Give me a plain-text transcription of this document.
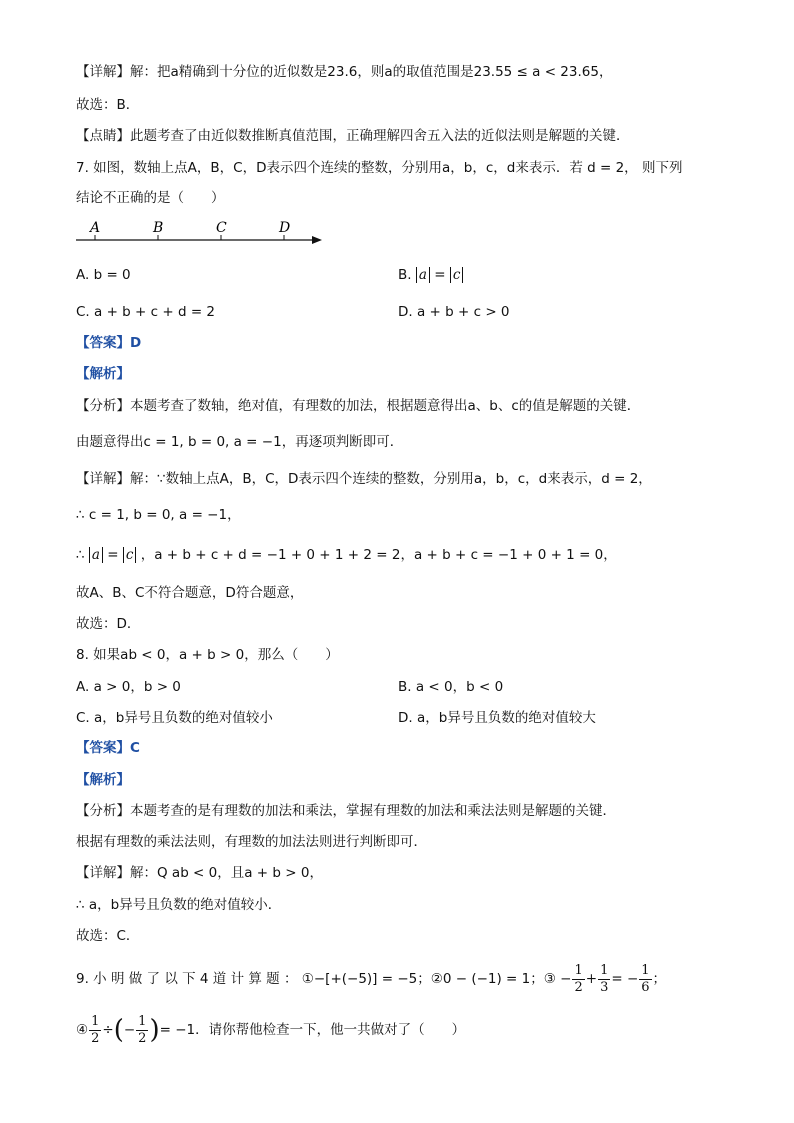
【详解】解：把a精确到十分位的近似数是23.6，则a的取值范围是23.55 ≤ a < 23.65，
故选：B．
【点睛】此题考查了由近似数推断真值范围，正确理解四舍五入法的近似法则是解题的关键．
7. 如图，数轴上点A，B，C，D表示四个连续的整数，分别用a，b，c，d来表示．若 d = 2， 则下列
结论不正确的是（　　）
A	B	C	D
A. b = 0	B. a = c
C. a + b + c + d = 2	D. a + b + c > 0
【答案】D
【解析】
【分析】本题考查了数轴，绝对值，有理数的加法，根据题意得出a、b、c的值是解题的关键．
由题意得出c = 1, b = 0, a = −1，再逐项判断即可．
【详解】解：∵数轴上点A，B，C，D表示四个连续的整数，分别用a，b，c，d来表示，d = 2，
∴ c = 1, b = 0, a = −1，
∴ a = c ，a + b + c + d = −1 + 0 + 1 + 2 = 2，a + b + c = −1 + 0 + 1 = 0，
故A、B、C不符合题意，D符合题意，
故选：D．
8. 如果ab < 0，a + b > 0，那么（　　）
A. a > 0，b > 0	B. a < 0，b < 0
C. a，b异号且负数的绝对值较小	D. a，b异号且负数的绝对值较大
【答案】C
【解析】
【分析】本题考查的是有理数的加法和乘法，掌握有理数的加法和乘法法则是解题的关键．
根据有理数的乘法法则，有理数的加法法则进行判断即可．
【详解】解：Q ab < 0，且a + b > 0，
∴ a，b异号且负数的绝对值较小．
故选：C．
9. 小 明 做 了 以 下 4 道 计 算 题 ： ①−[+(−5)] = −5；②0 − (−1) = 1；③ − $\frac{1}{2} + \frac{1}{3}$ = − $\frac{1}{6}$ ；
④ $\frac{1}{2}$ ÷(− $\frac{1}{2}$ )= −1．请你帮他检查一下，他一共做对了（　　）
